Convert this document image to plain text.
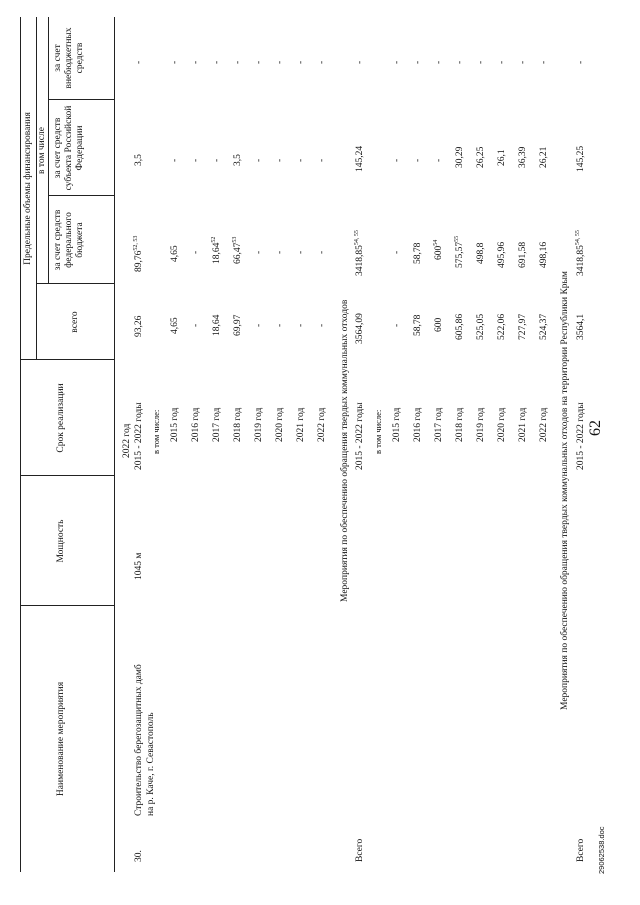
62
Наименование мероприятия
Мощность
Срок реализации
Предельные объемы финансирования
всего
в том числе
за счет средств федерального бюджета
за счет средств субъекта Российской Федерации
за счет внебюджетных средств
2022 год
30.
Строительство берегозащитных дамб на р. Каче, г. Севастополь
1045 м
2015 - 2022 годы
93,26
89,76$^{52, 53}$
3,5
-
в том числе: 2015 год
4,65
4,65
-
-
2016 год
-
-
-
-
2017 год
18,64
18,64$^{52}$
-
-
2018 год
69,97
66,47$^{53}$
3,5
-
2019 год
-
-
-
-
2020 год
-
-
-
-
2021 год
-
-
-
-
2022 год
-
-
-
-
Мероприятия по обеспечению обращения твердых коммунальных отходов
Всего
2015 - 2022 годы
3564,09
3418,85$^{54, 55}$
145,24
-
в том числе: 2015 год
-
-
-
-
2016 год
58,78
58,78
-
-
2017 год
600
$600^{54}$
-
-
2018 год
605,86
575,57$^{55}$
30,29
-
2019 год
525,05
498,8
26,25
-
2020 год
522,06
495,96
26,1
-
2021 год
727,97
691,58
36,39
-
2022 год
524,37
498,16
26,21
-
Мероприятия по обеспечению обращения твердых коммунальных отходов на территории Республики Крым
Всего
2015 - 2022 годы
3564,1
3418,85$^{54, 55}$
145,25
-
29062538.doc
